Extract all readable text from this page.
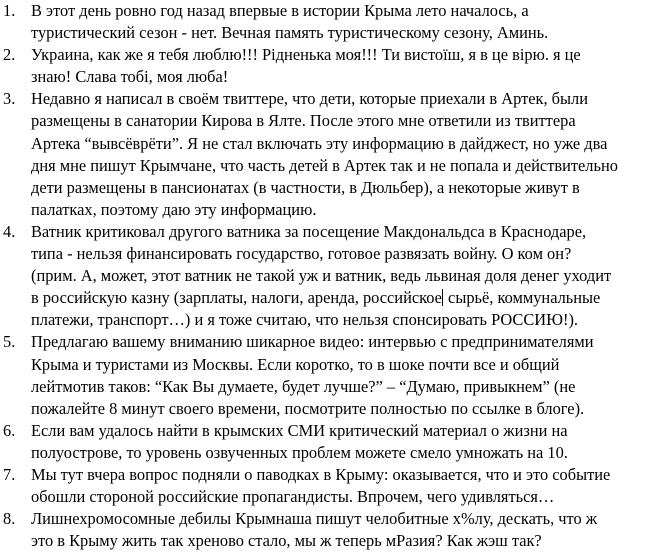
1. В этот день ровно год назад впервые в истории Крыма лето началось, а
туристический сезон - нет. Вечная память туристическому сезону, Аминь.
2. Украина, как же я тебя люблю!!! Рідненька моя!!! Ти вистоїш, я в це вірю. я це
знаю! Слава тобі, моя люба!
3. Недавно я написал в своём твиттере, что дети, которые приехали в Артек, были
размещены в санатории Кирова в Ялте. После этого мне ответили из твиттера
Артека “вывсёврёти”. Я не стал включать эту информацию в дайджест, но уже два
дня мне пишут Крымчане, что часть детей в Артек так и не попала и действительно
дети размещены в пансионатах (в частности, в Дюльбер), а некоторые живут в
палатках, поэтому даю эту информацию.
4. Ватник критиковал другого ватника за посещение Макдональдса в Краснодаре,
типа - нельзя финансировать государство, готовое развязать войну. О ком он?
(прим. А, может, этот ватник не такой уж и ватник, ведь львиная доля денег уходит
в российскую казну (зарплаты, налоги, аренда, российское сырьё, коммунальные
платежи, транспорт…) и я тоже считаю, что нельзя спонсировать РОССИЮ!).
5. Предлагаю вашему вниманию шикарное видео: интервью с предпринимателями
Крыма и туристами из Москвы. Если коротко, то в шоке почти все и общий
лейтмотив таков: “Как Вы думаете, будет лучше?” – “Думаю, привыкнем” (не
пожалейте 8 минут своего времени, посмотрите полностью по ссылке в блоге).
6. Если вам удалось найти в крымских СМИ критический материал о жизни на
полуострове, то уровень озвученных проблем можете смело умножать на 10.
7. Мы тут вчера вопрос подняли о паводках в Крыму: оказывается, что и это событие
обошли стороной российские пропагандисты. Впрочем, чего удивляться…
8. Лишнехромосомные дебилы Крымнаша пишут челобитные х%лу, дескать, что ж
это в Крыму жить так хреново стало, мы ж теперь мРазия? Как жэш так?
